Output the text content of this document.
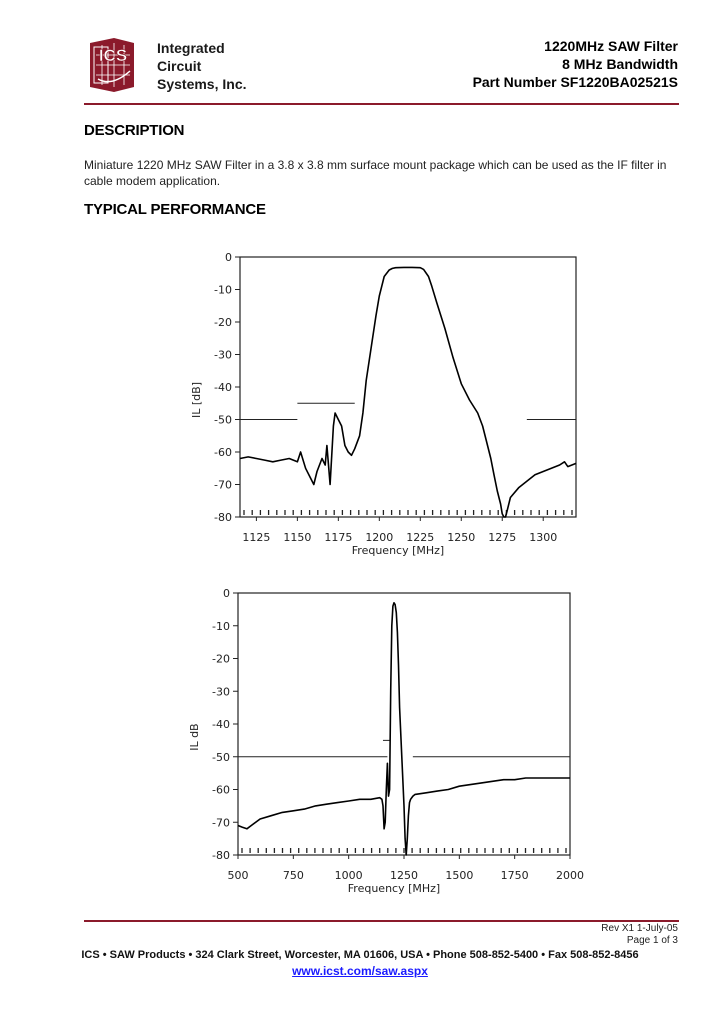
ICS Integrated
Circuit
Systems, Inc.
1220MHz SAW Filter
8 MHz Bandwidth
Part Number SF1220BA02521S
DESCRIPTION
Miniature 1220 MHz SAW Filter in a 3.8 x 3.8 mm surface mount package which can be used as the IF filter in cable modem application.
TYPICAL PERFORMANCE
0
-10
-20
-30
-40
-50
-60
-70
-80
1125 1150 1175 1200 1225 1250 1275 1300
Frequency [MHz]
IL [dB]
0
-10
-20
-30
-40
-50
-60
-70
-80
500	750	1000 1250 1500 1750 2000
Frequency [MHz]
IL dB
Rev X1 1-July-05
Page 1 of 3
ICS • SAW Products • 324 Clark Street, Worcester, MA 01606, USA • Phone 508-852-5400 • Fax 508-852-8456
www.icst.com/saw.aspx
